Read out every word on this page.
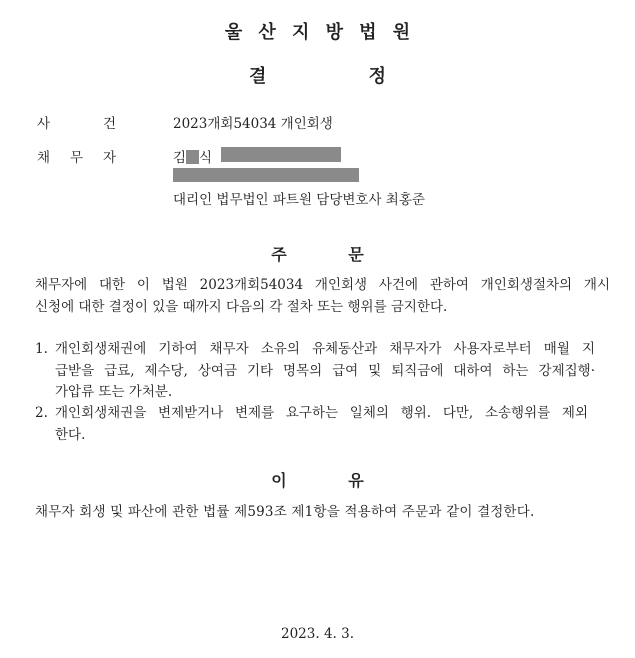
울산지방법원
결 정
사	건	2023개회54034 개인회생
채 무 자	김 식
대리인 법무법인 파트원 담당변호사 최홍준
주 문
채무자에 대한 이 법원 2023개회54034 개인회생 사건에 관하여 개인회생절차의 개시
신청에 대한 결정이 있을 때까지 다음의 각 절차 또는 행위를 금지한다.
1. 개인회생채권에 기하여 채무자 소유의 유체동산과 채무자가 사용자로부터 매월 지
급받을 급료, 제수당, 상여금 기타 명목의 급여 및 퇴직금에 대하여 하는 강제집행·
가압류 또는 가처분.
2. 개인회생채권을 변제받거나 변제를 요구하는 일체의 행위. 다만, 소송행위를 제외
한다.
이 유
채무자 회생 및 파산에 관한 법률 제593조 제1항을 적용하여 주문과 같이 결정한다.
2023. 4. 3.
